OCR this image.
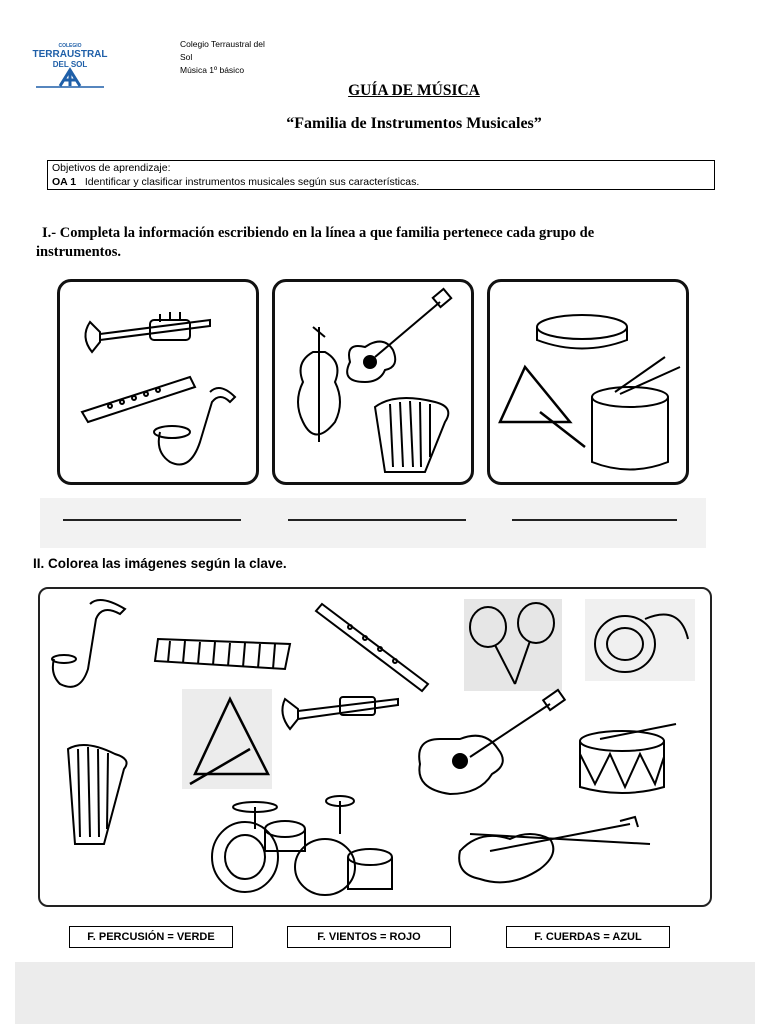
COLEGIO
TERRAUSTRAL
DEL SOL
Colegio Terraustral del
Sol
Música 1º básico
GUÍA DE MÚSICA
“Familia de Instrumentos Musicales”
Objetivos de aprendizaje:
OA 1 Identificar y clasificar instrumentos musicales según sus características.
I.- Completa la información escribiendo en la línea a que familia pertenece cada grupo de
instrumentos.
II. Colorea las imágenes según la clave.
F. PERCUSIÓN = VERDE	F. VIENTOS = ROJO	F. CUERDAS = AZUL
